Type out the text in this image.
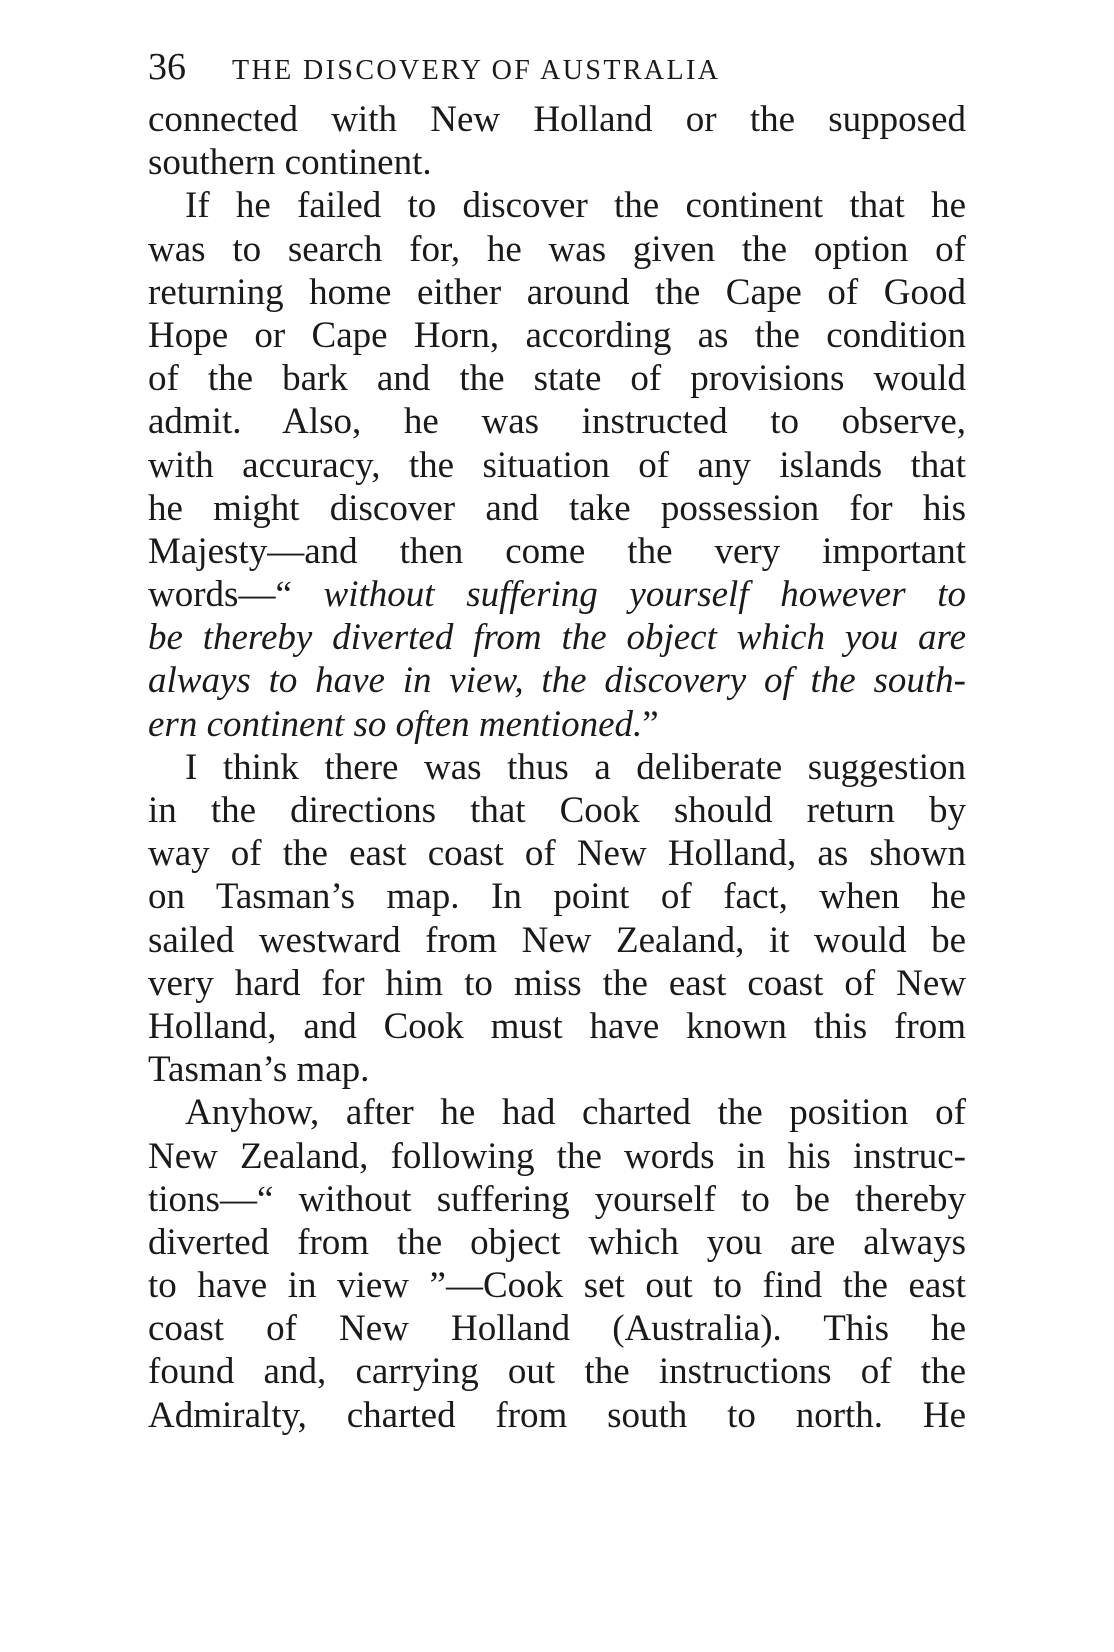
36 THE DISCOVERY OF AUSTRALIA
connected with New Holland or the supposed
southern continent.
If he failed to discover the continent that he
was to search for, he was given the option of
returning home either around the Cape of Good
Hope or Cape Horn, according as the condition
of the bark and the state of provisions would
admit. Also, he was instructed to observe,
with accuracy, the situation of any islands that
he might discover and take possession for his
Majesty—and then come the very important
words—“ without suffering yourself however to
be thereby diverted from the object which you are
always to have in view, the discovery of the south-
ern continent so often mentioned.”
I think there was thus a deliberate suggestion
in the directions that Cook should return by
way of the east coast of New Holland, as shown
on Tasman’s map. In point of fact, when he
sailed westward from New Zealand, it would be
very hard for him to miss the east coast of New
Holland, and Cook must have known this from
Tasman’s map.
Anyhow, after he had charted the position of
New Zealand, following the words in his instruc-
tions—“ without suffering yourself to be thereby
diverted from the object which you are always
to have in view ”—Cook set out to find the east
coast of New Holland (Australia). This he
found and, carrying out the instructions of the
Admiralty, charted from south to north. He
